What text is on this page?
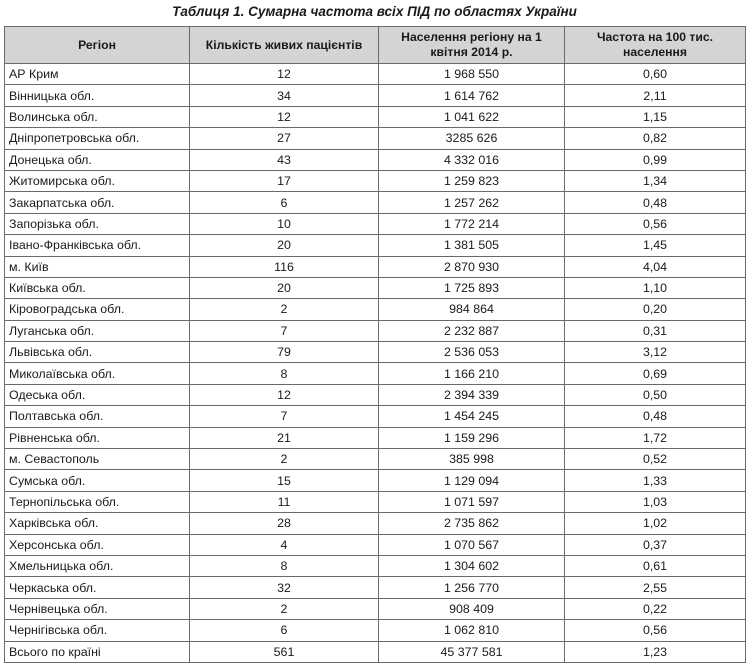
Таблиця 1. Сумарна частота всіх ПІД по областях України
Регіон	Кількість живих пацієнтів	Населення регіону на 1 квітня 2014 р.	Частота на 100 тис. населення
АР Крим	12	1 968 550	0,60
Вінницька обл.	34	1 614 762	2,11
Волинська обл.	12	1 041 622	1,15
Дніпропетровська обл.	27	3285 626	0,82
Донецька обл.	43	4 332 016	0,99
Житомирська обл.	17	1 259 823	1,34
Закарпатська обл.	6	1 257 262	0,48
Запорізька обл.	10	1 772 214	0,56
Івано-Франківська обл.	20	1 381 505	1,45
м. Київ	116	2 870 930	4,04
Київська обл.	20	1 725 893	1,10
Кіровоградська обл.	2	984 864	0,20
Луганська обл.	7	2 232 887	0,31
Львівська обл.	79	2 536 053	3,12
Миколаївська обл.	8	1 166 210	0,69
Одеська обл.	12	2 394 339	0,50
Полтавська обл.	7	1 454 245	0,48
Рівненська обл.	21	1 159 296	1,72
м. Севастополь	2	385 998	0,52
Сумська обл.	15	1 129 094	1,33
Тернопільська обл.	11	1 071 597	1,03
Харківська обл.	28	2 735 862	1,02
Херсонська обл.	4	1 070 567	0,37
Хмельницька обл.	8	1 304 602	0,61
Черкаська обл.	32	1 256 770	2,55
Чернівецька обл.	2	908 409	0,22
Чернігівська обл.	6	1 062 810	0,56
Всього по країні	561	45 377 581	1,23
